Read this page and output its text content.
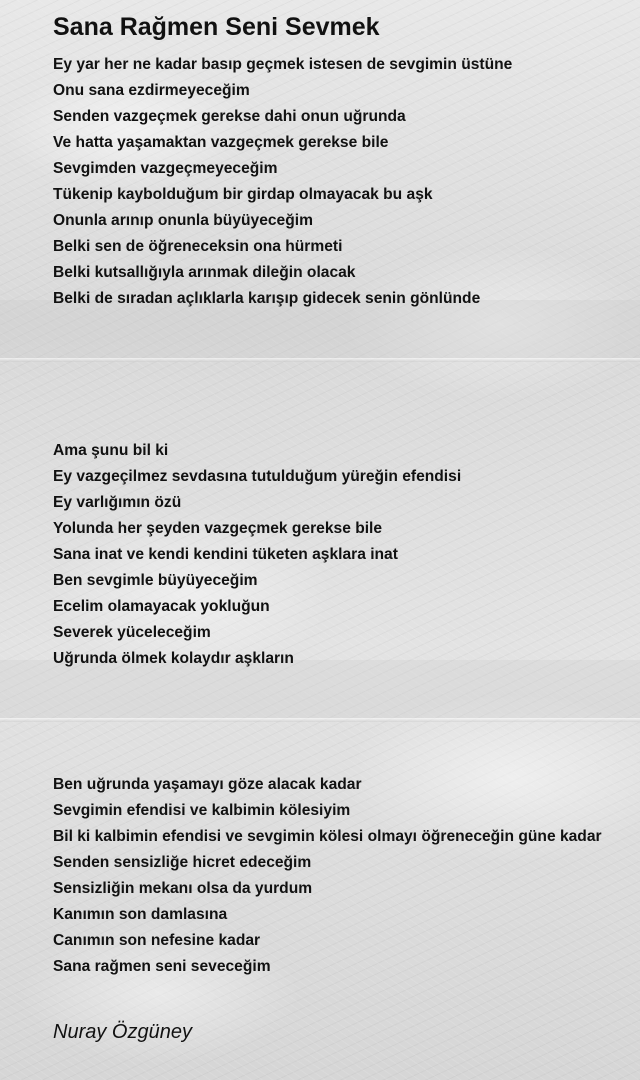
Sana Rağmen Seni Sevmek
Ey yar her ne kadar basıp geçmek istesen de sevgimin üstüne
Onu sana ezdirmeyeceğim
Senden vazgeçmek gerekse dahi onun uğrunda
Ve hatta yaşamaktan vazgeçmek gerekse bile
Sevgimden vazgeçmeyeceğim
Tükenip kaybolduğum bir girdap olmayacak bu aşk
Onunla arınıp onunla büyüyeceğim
Belki sen de öğreneceksin ona hürmeti
Belki kutsallığıyla arınmak dileğin olacak
Belki de sıradan açlıklarla karışıp gidecek senin gönlünde
Ama şunu bil ki
Ey vazgeçilmez sevdasına tutulduğum yüreğin efendisi
Ey varlığımın özü
Yolunda her şeyden vazgeçmek gerekse bile
Sana inat ve kendi kendini tüketen aşklara inat
Ben sevgimle büyüyeceğim
Ecelim olamayacak yokluğun
Severek yüceleceğim
Uğrunda ölmek kolaydır aşkların
Ben uğrunda yaşamayı göze alacak kadar
Sevgimin efendisi ve kalbimin kölesiyim
Bil ki kalbimin efendisi ve sevgimin kölesi olmayı öğreneceğin güne kadar
Senden sensizliğe hicret edeceğim
Sensizliğin mekanı olsa da yurdum
Kanımın son damlasına
Canımın son nefesine kadar
Sana rağmen seni seveceğim

Nuray Özgüney
